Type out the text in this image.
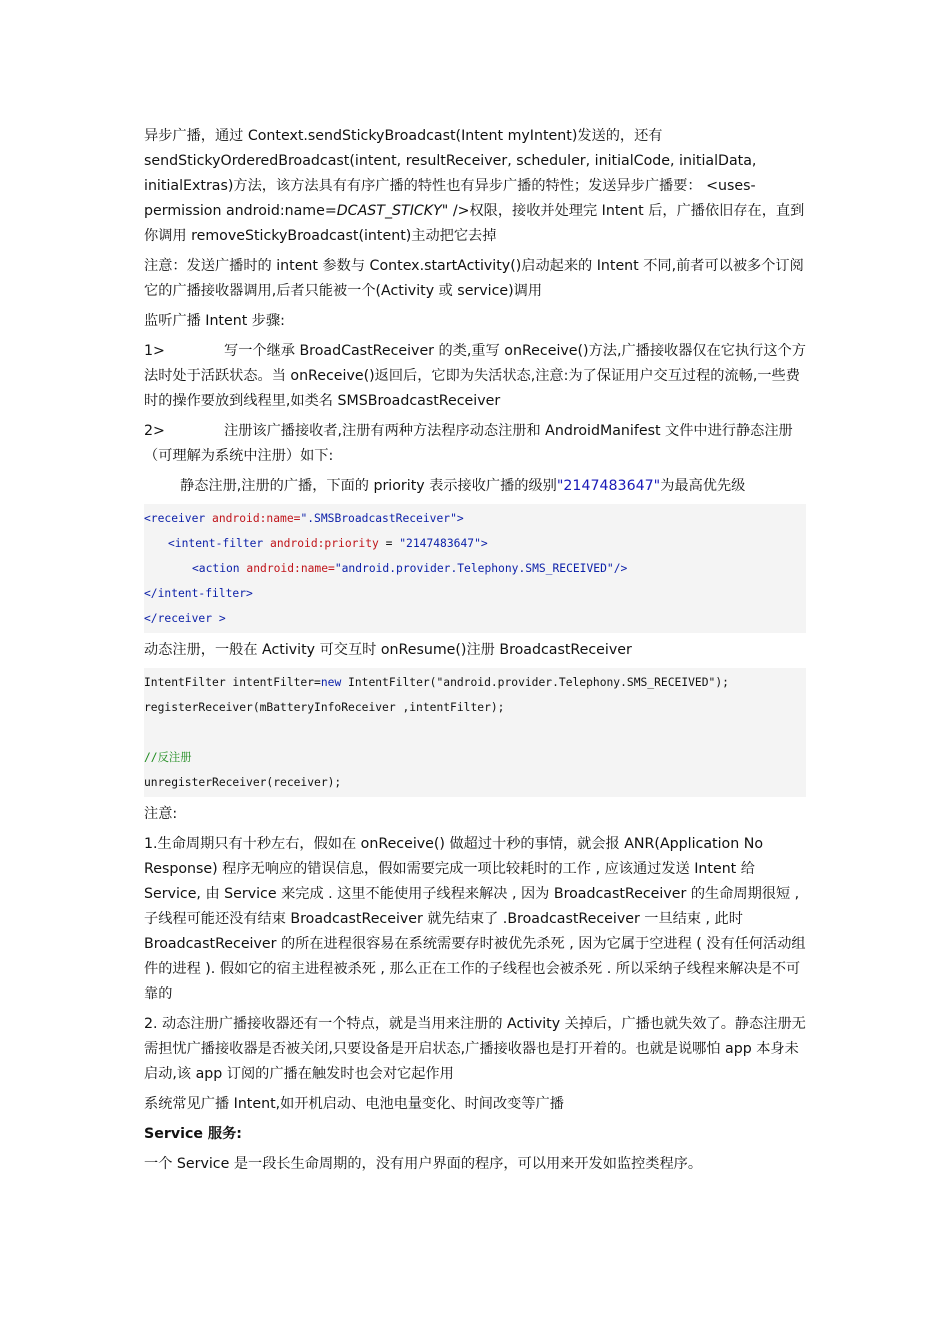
异步广播，通过 Context.sendStickyBroadcast(Intent myIntent)发送的，还有 sendStickyOrderedBroadcast(intent, resultReceiver, scheduler, initialCode, initialData, initialExtras)方法，该方法具有有序广播的特性也有异步广播的特性；发送异步广播要： <uses-permission android:name=DCAST_STICKY" />权限，接收并处理完 Intent 后，广播依旧存在，直到你调用 removeStickyBroadcast(intent)主动把它去掉

注意：发送广播时的 intent 参数与 Contex.startActivity()启动起来的 Intent 不同,前者可以被多个订阅它的广播接收器调用,后者只能被一个(Activity 或 service)调用

监听广播 Intent 步骤:

1>	写一个继承 BroadCastReceiver 的类,重写 onReceive()方法,广播接收器仅在它执行这个方法时处于活跃状态。当 onReceive()返回后，它即为失活状态,注意:为了保证用户交互过程的流畅,一些费时的操作要放到线程里,如类名 SMSBroadcastReceiver

2>	注册该广播接收者,注册有两种方法程序动态注册和 AndroidManifest 文件中进行静态注册（可理解为系统中注册）如下:

静态注册,注册的广播，下面的 priority 表示接收广播的级别"2147483647"为最高优先级

<receiver android:name=".SMSBroadcastReceiver">
<intent-filter android:priority = "2147483647">
<action android:name="android.provider.Telephony.SMS_RECEIVED"/>
</intent-filter>
</receiver >

动态注册，一般在 Activity 可交互时 onResume()注册 BroadcastReceiver

IntentFilter intentFilter=new IntentFilter("android.provider.Telephony.SMS_RECEIVED");
registerReceiver(mBatteryInfoReceiver ,intentFilter);
//反注册
unregisterReceiver(receiver);

注意:

1.生命周期只有十秒左右，假如在 onReceive() 做超过十秒的事情，就会报 ANR(Application No Response) 程序无响应的错误信息，假如需要完成一项比较耗时的工作 , 应该通过发送 Intent 给 Service, 由 Service 来完成 . 这里不能使用子线程来解决 , 因为 BroadcastReceiver 的生命周期很短 , 子线程可能还没有结束 BroadcastReceiver 就先结束了 .BroadcastReceiver 一旦结束 , 此时 BroadcastReceiver 的所在进程很容易在系统需要存时被优先杀死 , 因为它属于空进程 ( 没有任何活动组件的进程 ). 假如它的宿主进程被杀死 , 那么正在工作的子线程也会被杀死 . 所以采纳子线程来解决是不可靠的

2. 动态注册广播接收器还有一个特点，就是当用来注册的 Activity 关掉后，广播也就失效了。静态注册无需担忧广播接收器是否被关闭,只要设备是开启状态,广播接收器也是打开着的。也就是说哪怕 app 本身未启动,该 app 订阅的广播在触发时也会对它起作用

系统常见广播 Intent,如开机启动、电池电量变化、时间改变等广播

Service 服务:

一个 Service 是一段长生命周期的，没有用户界面的程序，可以用来开发如监控类程序。
